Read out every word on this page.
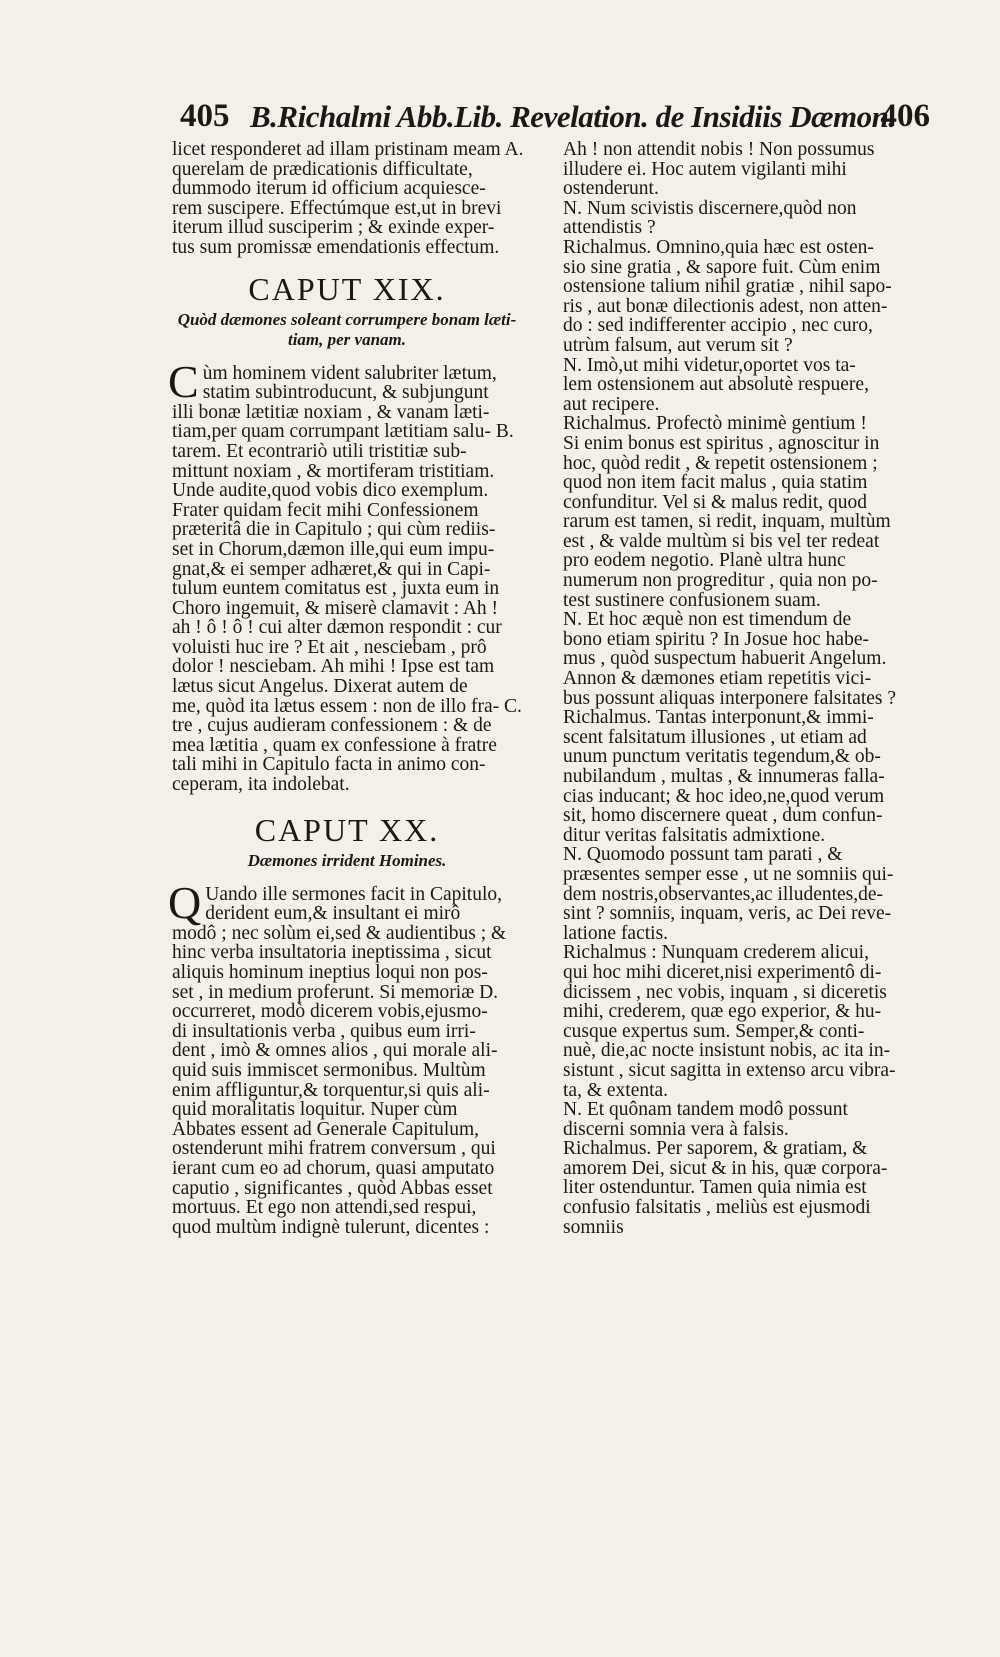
405 B.Richalmi Abb.Lib. Revelation. de Insidiis Dæmon.
406
licet responderet ad illam pristinam meam A.
querelam de prædicationis difficultate,
dummodo iterum id officium acquiesce-
rem suscipere. Effectúmque est,ut in brevi
iterum illud susciperim ; & exinde exper-
tus sum promissæ emendationis effectum.
CAPUT XIX.
Quòd dæmones soleant corrumpere bonam læti-
tiam, per vanam.
C ùm hominem vident salubriter lætum,
statim subintroducunt, & subjungunt
illi bonæ lætitiæ noxiam , & vanam læti-
tiam,per quam corrumpant lætitiam salu- B.
tarem. Et econtrariò utili tristitiæ sub-
mittunt noxiam , & mortiferam tristitiam.
Unde audite,quod vobis dico exemplum.
Frater quidam fecit mihi Confessionem
præteritâ die in Capitulo ; qui cùm rediis-
set in Chorum,dæmon ille,qui eum impu-
gnat,& ei semper adhæret,& qui in Capi-
tulum euntem comitatus est , juxta eum in
Choro ingemuit, & miserè clamavit : Ah !
ah ! ô ! ô ! cui alter dæmon respondit : cur
voluisti huc ire ? Et ait , nesciebam , prô
dolor ! nesciebam. Ah mihi ! Ipse est tam
lætus sicut Angelus. Dixerat autem de
me, quòd ita lætus essem : non de illo fra- C.
tre , cujus audieram confessionem : & de
mea lætitia , quam ex confessione à fratre
tali mihi in Capitulo facta in animo con-
ceperam, ita indolebat.
CAPUT XX.
Dæmones irrident Homines.
Q Uando ille sermones facit in Capitulo,
derident eum,& insultant ei mirô
modô ; nec solùm ei,sed & audientibus ; &
hinc verba insultatoria ineptissima , sicut
aliquis hominum ineptius loqui non pos-
set , in medium proferunt. Si memoriæ D.
occurreret, modò dicerem vobis,ejusmo-
di insultationis verba , quibus eum irri-
dent , imò & omnes alios , qui morale ali-
quid suis immiscet sermonibus. Multùm
enim affliguntur,& torquentur,si quis ali-
quid moralitatis loquitur. Nuper cùm
Abbates essent ad Generale Capitulum,
ostenderunt mihi fratrem conversum , qui
ierant cum eo ad chorum, quasi amputato
caputio , significantes , quòd Abbas esset
mortuus. Et ego non attendi,sed respui,
quod multùm indignè tulerunt, dicentes :
Ah ! non attendit nobis ! Non possumus
illudere ei. Hoc autem vigilanti mihi
ostenderunt.
N. Num scivistis discernere,quòd non
attendistis ?
Richalmus. Omnino,quia hæc est osten-
sio sine gratia , & sapore fuit. Cùm enim
ostensione talium nihil gratiæ , nihil sapo-
ris , aut bonæ dilectionis adest, non atten-
do : sed indifferenter accipio , nec curo,
utrùm falsum, aut verum sit ?
N. Imò,ut mihi videtur,oportet vos ta-
lem ostensionem aut absolutè respuere,
aut recipere.
Richalmus. Profectò minimè gentium !
Si enim bonus est spiritus , agnoscitur in
hoc, quòd redit , & repetit ostensionem ;
quod non item facit malus , quia statim
confunditur. Vel si & malus redit, quod
rarum est tamen, si redit, inquam, multùm
est , & valde multùm si bis vel ter redeat
pro eodem negotio. Planè ultra hunc
numerum non progreditur , quia non po-
test sustinere confusionem suam.
N. Et hoc æquè non est timendum de
bono etiam spiritu ? In Josue hoc habe-
mus , quòd suspectum habuerit Angelum.
Annon & dæmones etiam repetitis vici-
bus possunt aliquas interponere falsitates ?
Richalmus. Tantas interponunt,& immi-
scent falsitatum illusiones , ut etiam ad
unum punctum veritatis tegendum,& ob-
nubilandum , multas , & innumeras falla-
cias inducant; & hoc ideo,ne,quod verum
sit, homo discernere queat , dum confun-
ditur veritas falsitatis admixtione.
N. Quomodo possunt tam parati , &
præsentes semper esse , ut ne somniis qui-
dem nostris,observantes,ac illudentes,de-
sint ? somniis, inquam, veris, ac Dei reve-
latione factis.
Richalmus : Nunquam crederem alicui,
qui hoc mihi diceret,nisi experimentô di-
dicissem , nec vobis, inquam , si diceretis
mihi, crederem, quæ ego experior, & hu-
cusque expertus sum. Semper,& conti-
nuè, die,ac nocte insistunt nobis, ac ita in-
sistunt , sicut sagitta in extenso arcu vibra-
ta, & extenta.
N. Et quônam tandem modô possunt
discerni somnia vera à falsis.
Richalmus. Per saporem, & gratiam, &
amorem Dei, sicut & in his, quæ corpora-
liter ostenduntur. Tamen quia nimia est
confusio falsitatis , meliùs est ejusmodi
somniis
